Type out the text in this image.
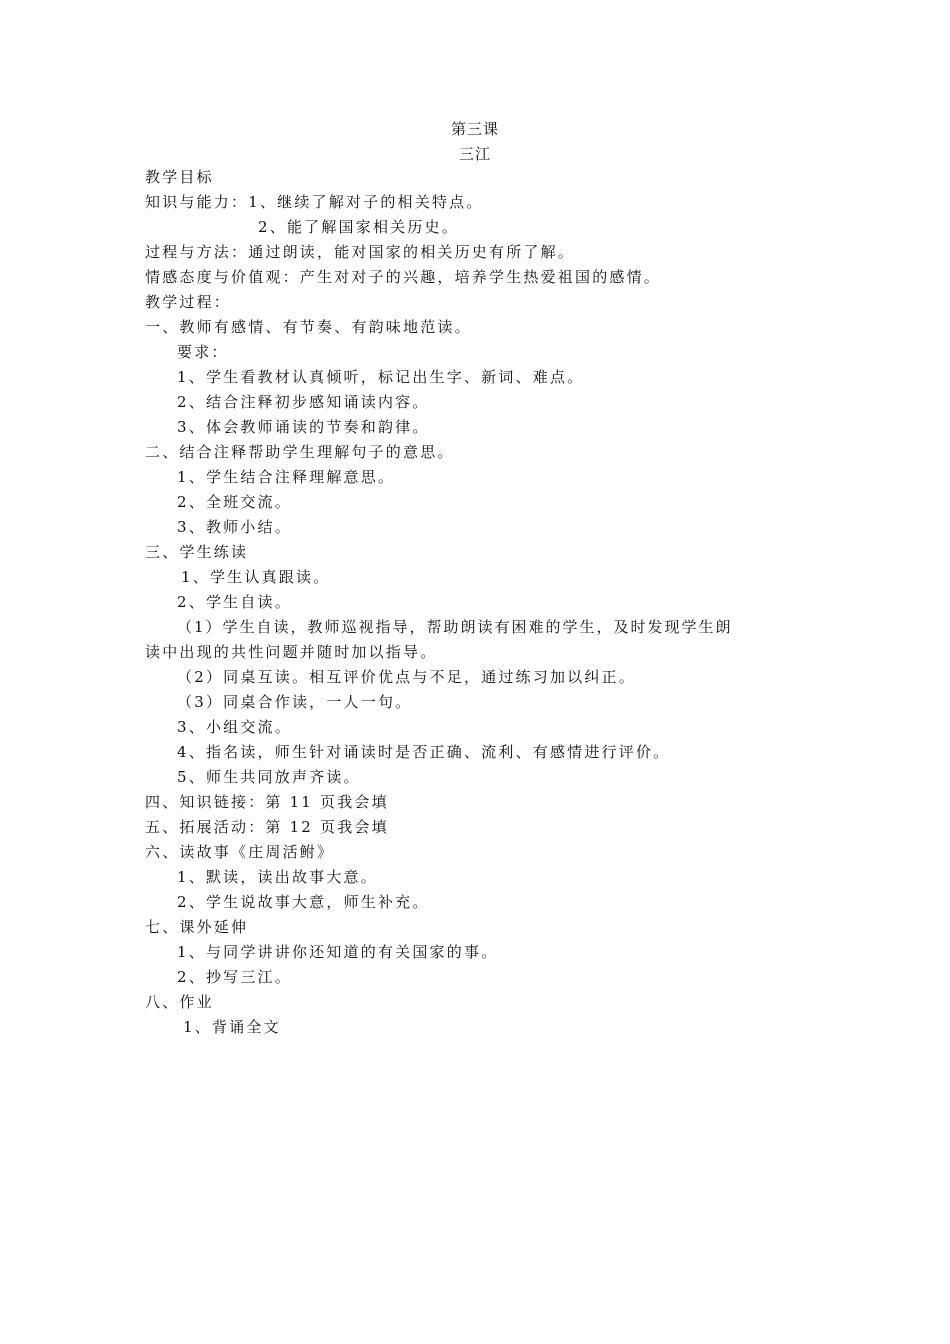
第三课
三江
教学目标
知识与能力：1、继续了解对子的相关特点。
2、能了解国家相关历史。
过程与方法：通过朗读，能对国家的相关历史有所了解。
情感态度与价值观：产生对对子的兴趣，培养学生热爱祖国的感情。
教学过程：
一、教师有感情、有节奏、有韵味地范读。
要求：
1、学生看教材认真倾听，标记出生字、新词、难点。
2、结合注释初步感知诵读内容。
3、体会教师诵读的节奏和韵律。
二、结合注释帮助学生理解句子的意思。
1、学生结合注释理解意思。
2、全班交流。
3、教师小结。
三、学生练读
1、学生认真跟读。
2、学生自读。
（1）学生自读，教师巡视指导，帮助朗读有困难的学生，及时发现学生朗
读中出现的共性问题并随时加以指导。
（2）同桌互读。相互评价优点与不足，通过练习加以纠正。
（3）同桌合作读，一人一句。
3、小组交流。
4、指名读，师生针对诵读时是否正确、流利、有感情进行评价。
5、师生共同放声齐读。
四、知识链接：第 11 页我会填
五、拓展活动：第 12 页我会填
六、读故事《庄周活鲋》
1、默读，读出故事大意。
2、学生说故事大意，师生补充。
七、课外延伸
1、与同学讲讲你还知道的有关国家的事。
2、抄写三江。
八、作业
1、背诵全文
